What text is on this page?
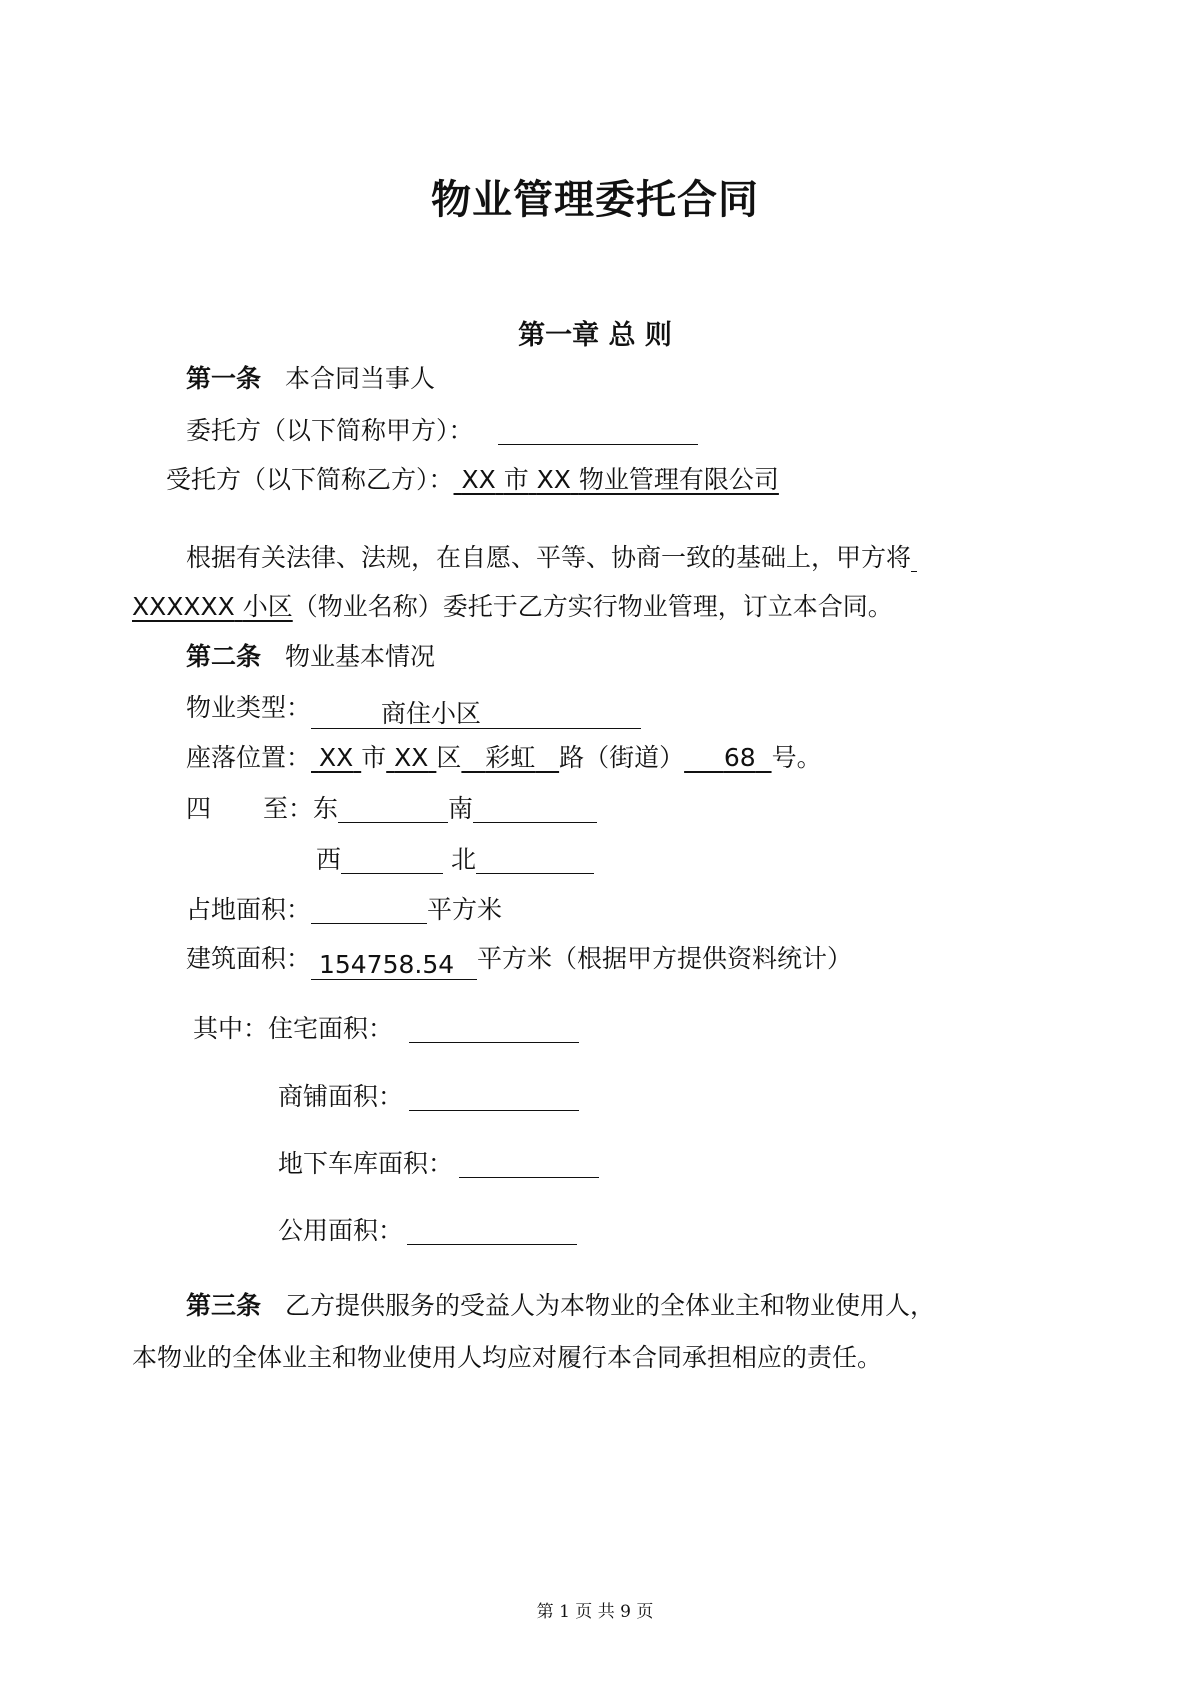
物业管理委托合同
第一章 总 则
第一条 本合同当事人
委托方（以下简称甲方）：
受托方（以下简称乙方）： XX 市 XX 物业管理有限公司
根据有关法律、法规，在自愿、平等、协商一致的基础上，甲方将
XXXXXX 小区（物业名称）委托于乙方实行物业管理，订立本合同。
第二条 物业基本情况
物业类型：	商住小区
座落位置： XX 市 XX 区 彩虹 路（街道） 68 号。
四 至：东	南
西	北
占地面积：	平方米
建筑面积： 154758.54 平方米（根据甲方提供资料统计）
其中：住宅面积：
商铺面积：
地下车库面积：
公用面积：
第三条 乙方提供服务的受益人为本物业的全体业主和物业使用人，
本物业的全体业主和物业使用人均应对履行本合同承担相应的责任。
第 1 页 共 9 页
